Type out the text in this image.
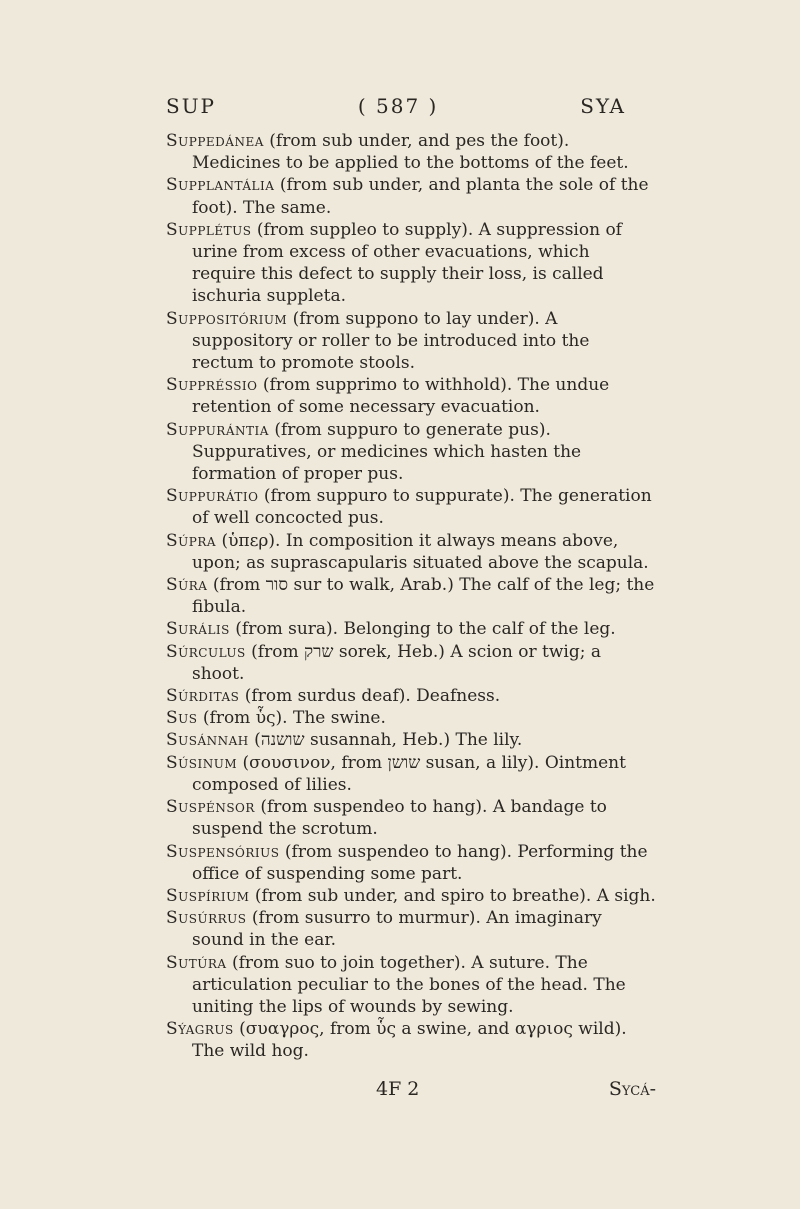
SUP	( 587 )	SYA

Suppedánea (from sub under, and pes the foot). Medicines to be applied to the bottoms of the feet.

Supplantália (from sub under, and planta the sole of the foot). The same.

Supplétus (from suppleo to supply). A suppression of urine from excess of other evacuations, which require this defect to supply their loss, is called ischuria suppleta.

Suppositórium (from suppono to lay under). A suppository or roller to be introduced into the rectum to promote stools.

Suppréssio (from supprimo to withhold). The undue retention of some necessary evacuation.

Suppurántia (from suppuro to generate pus). Suppuratives, or medicines which hasten the formation of proper pus.

Suppurátio (from suppuro to suppurate). The generation of well concocted pus.

Súpra (ὑπερ). In composition it always means above, upon; as suprascapularis situated above the scapula.

Súra (from סור sur to walk, Arab.) The calf of the leg; the fibula.

Surális (from sura). Belonging to the calf of the leg.

Súrculus (from שרק sorek, Heb.) A scion or twig; a shoot.

Súrditas (from surdus deaf). Deafness.

Sus (from ὗς). The swine.

Susánnah (שושנה susannah, Heb.) The lily.

Súsinum (σουσινον, from שושן susan, a lily). Ointment composed of lilies.

Suspénsor (from suspendeo to hang). A bandage to suspend the scrotum.

Suspensórius (from suspendeo to hang). Performing the office of suspending some part.

Suspírium (from sub under, and spiro to breathe). A sigh.

Susúrrus (from susurro to murmur). An imaginary sound in the ear.

Sutúra (from suo to join together). A suture. The articulation peculiar to the bones of the head. The uniting the lips of wounds by sewing.

Sýagrus (συαγρος, from ὗς a swine, and αγριος wild). The wild hog.

4F 2	Sycá-
